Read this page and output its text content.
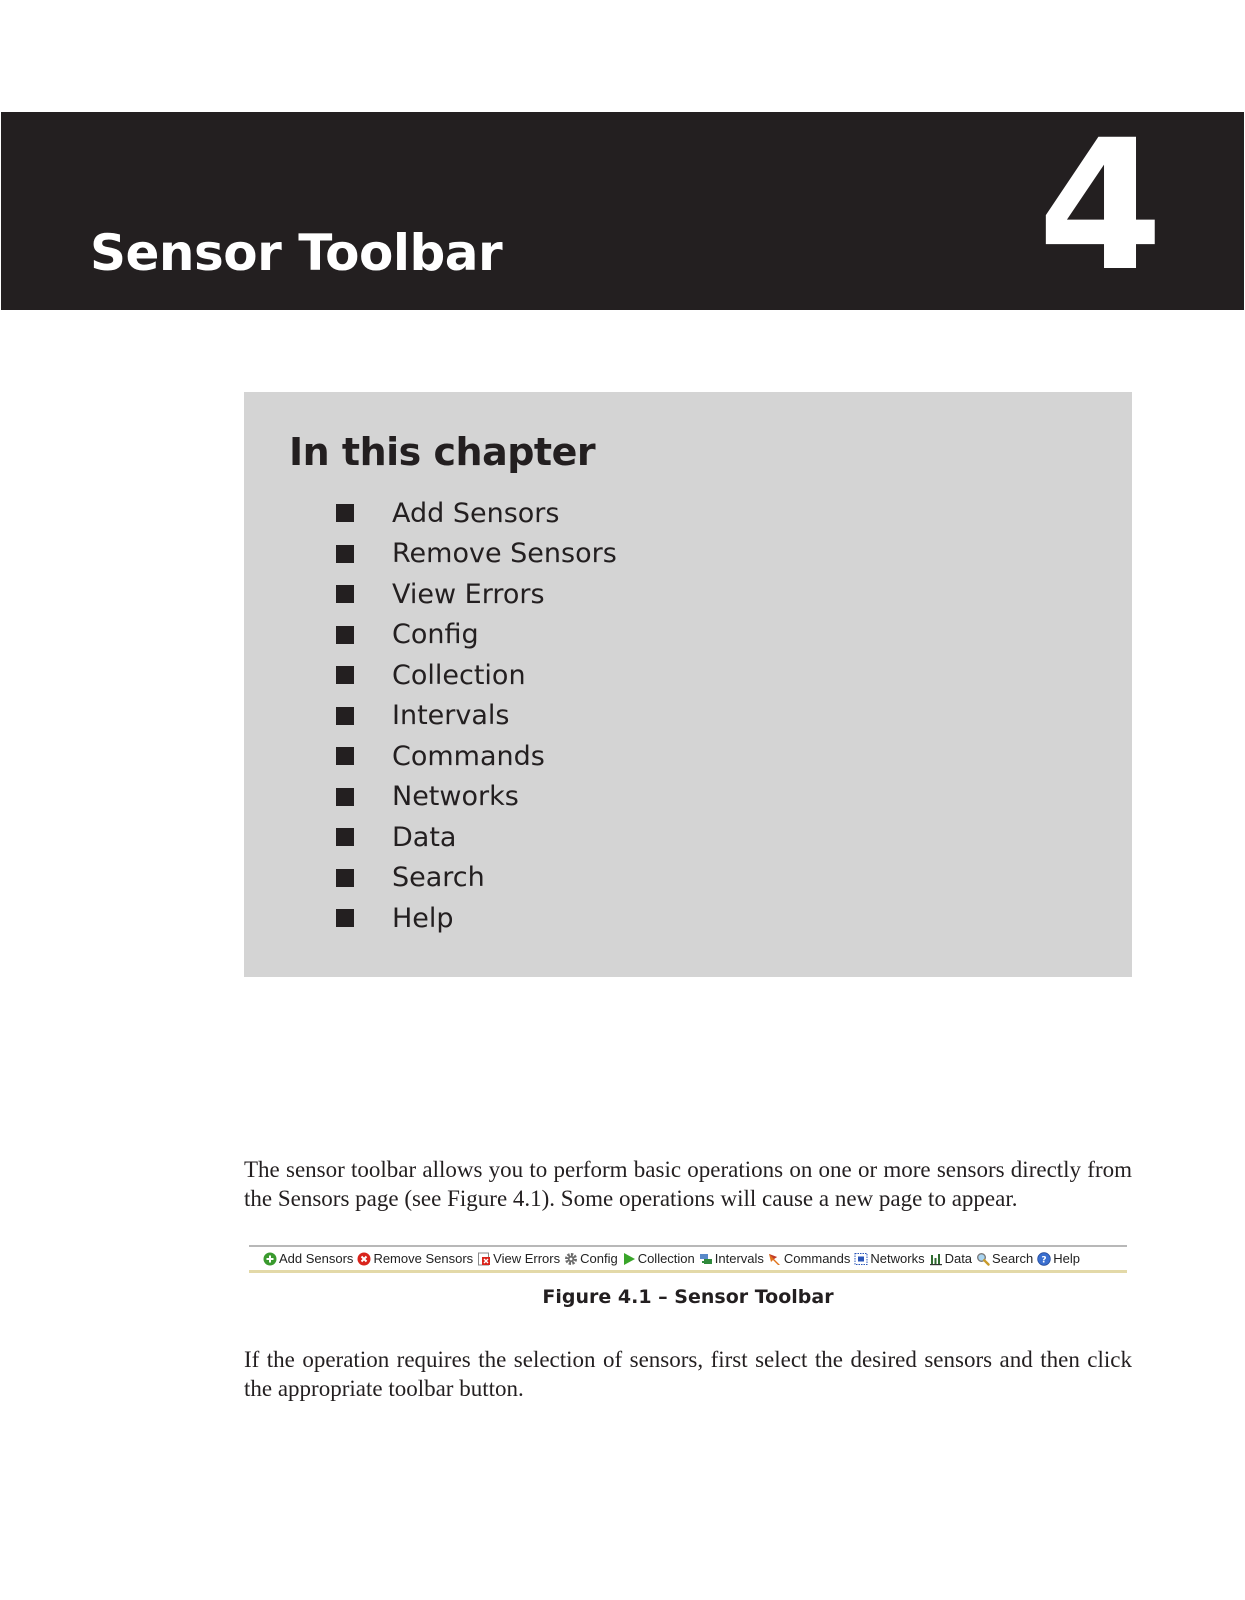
Sensor Toolbar	4
In this chapter
Add Sensors
Remove Sensors
View Errors
Config
Collection
Intervals
Commands
Networks
Data
Search
Help

The sensor toolbar allows you to perform basic operations on one or more sensors directly from the Sensors page (see Figure 4.1). Some operations will cause a new page to appear.

Add Sensors Remove Sensors View Errors Config Collection Intervals Commands Networks Data Search ? Help
Figure 4.1 – Sensor Toolbar

If the operation requires the selection of sensors, first select the desired sensors and then click the appropriate toolbar button.
